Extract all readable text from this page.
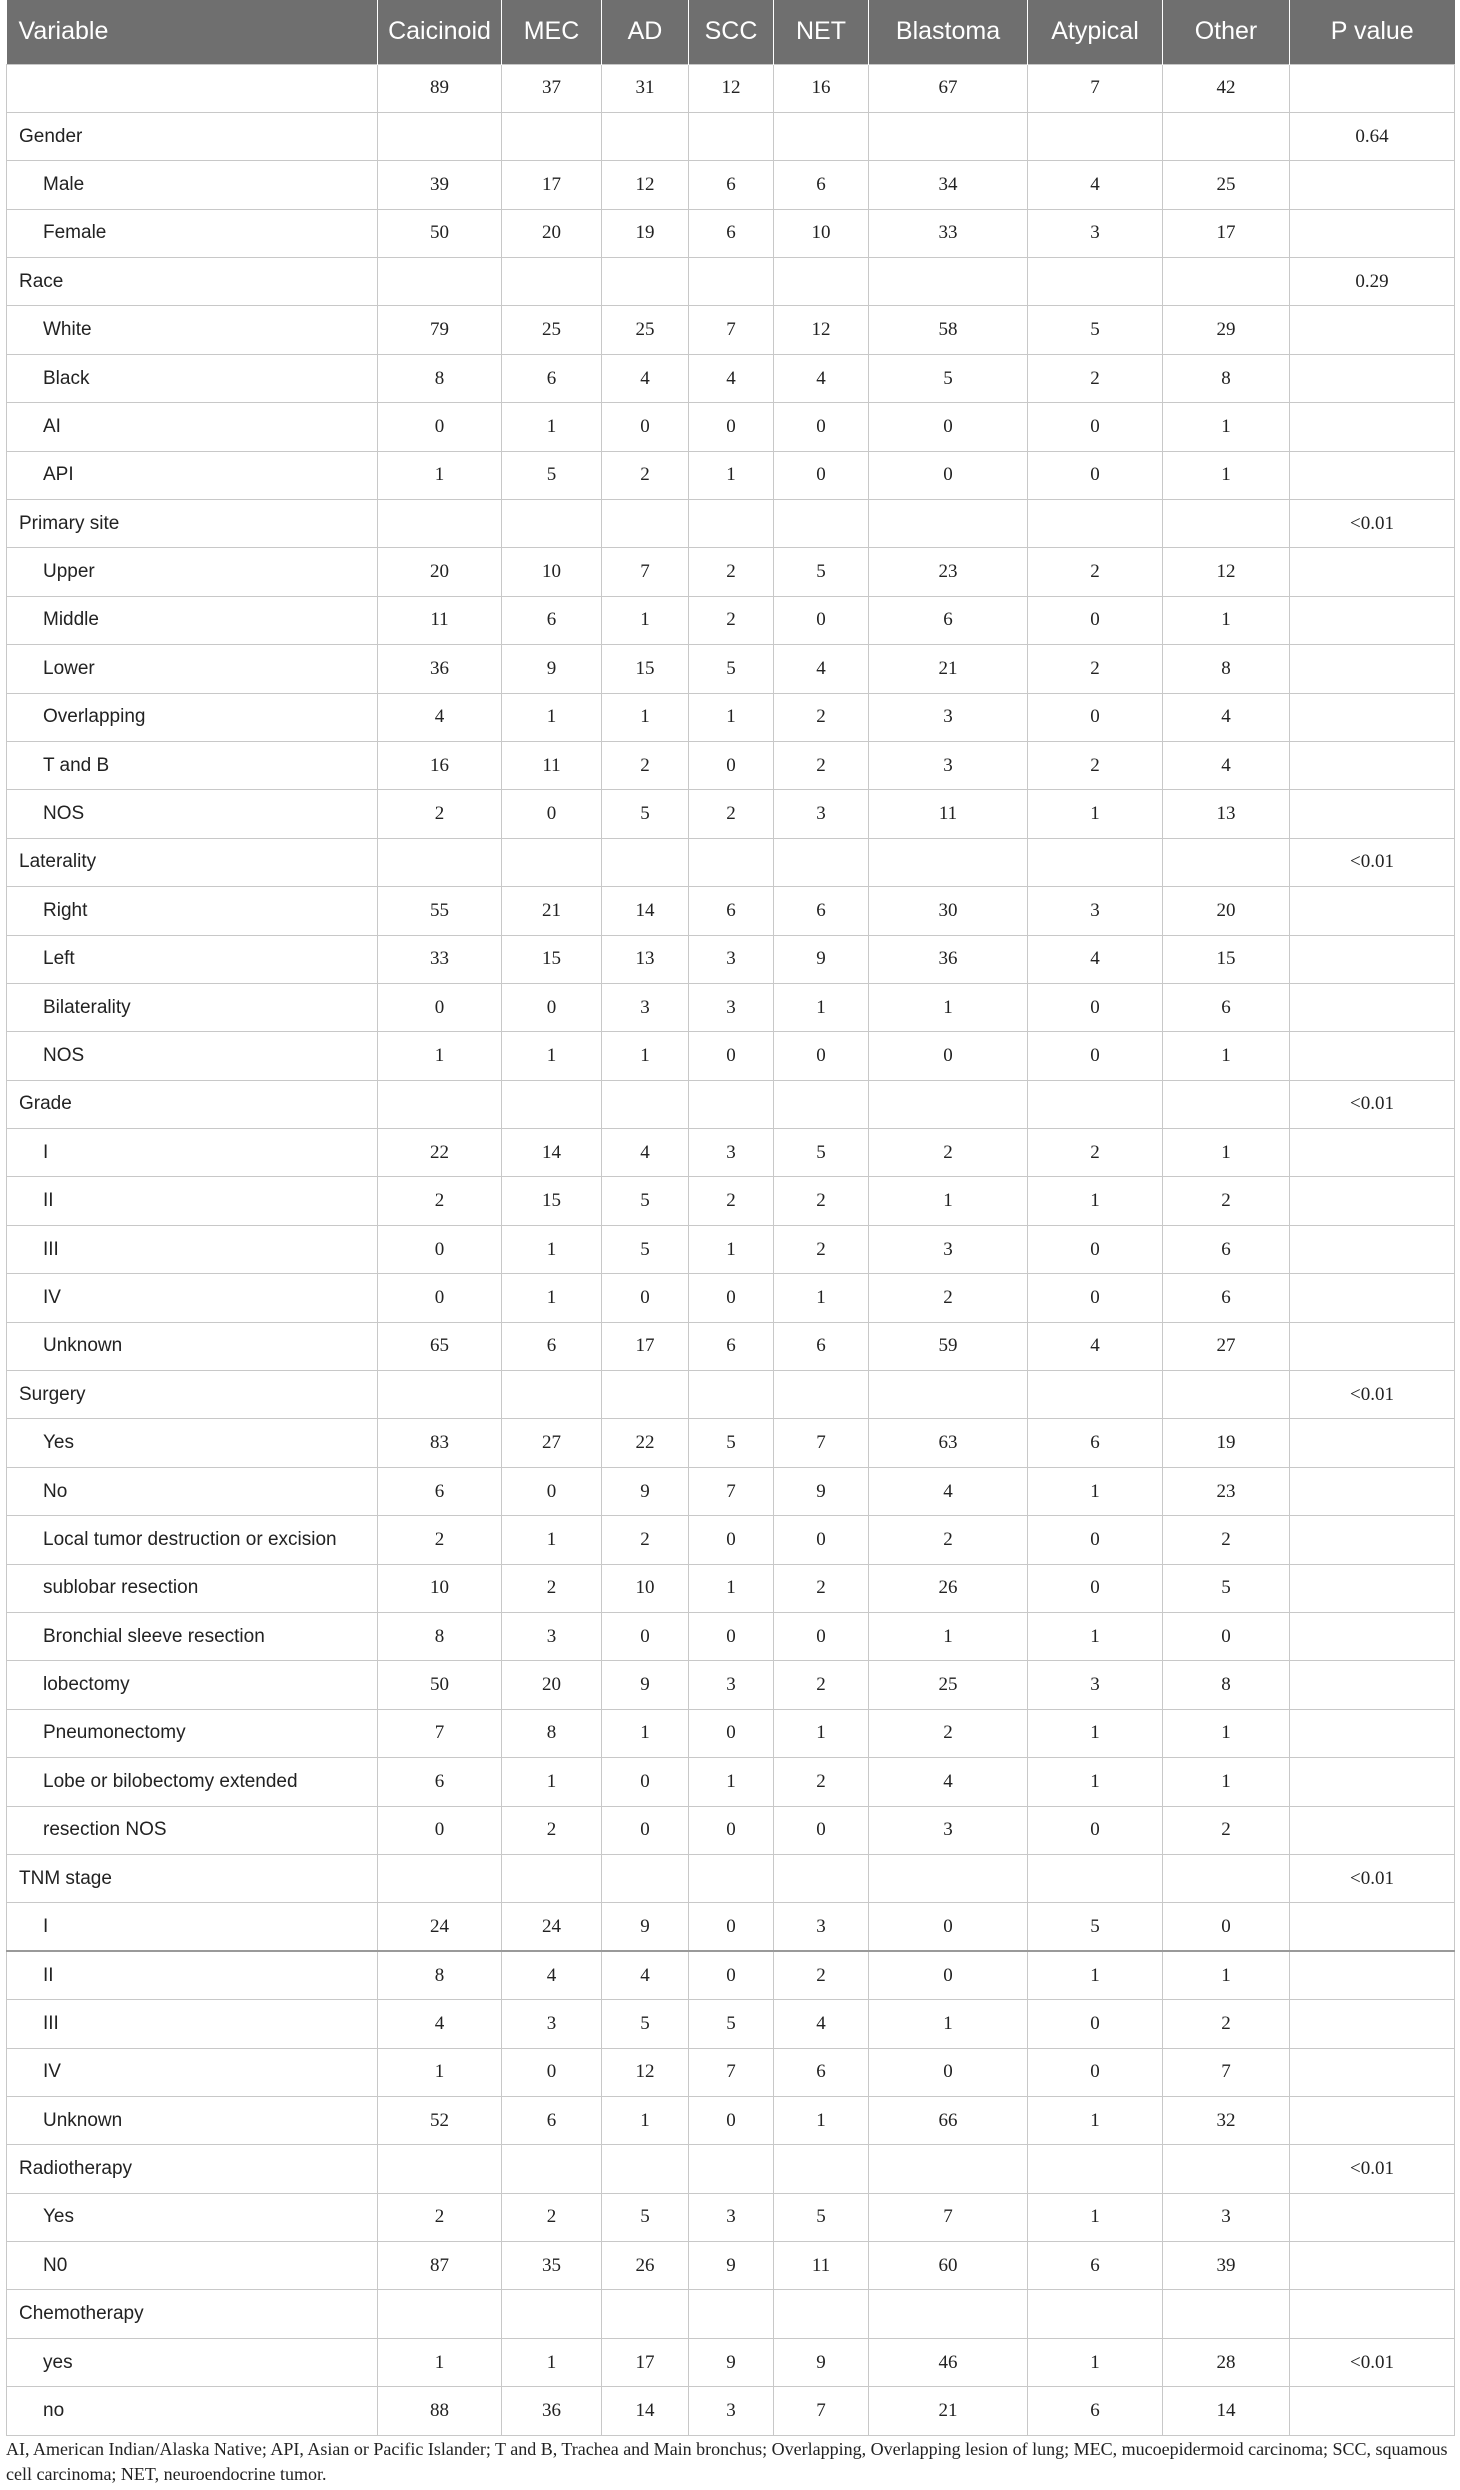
Variable	Caicinoid	MEC	AD	SCC	NET	Blastoma	Atypical	Other	P value
	89	37	31	12	16	67	7	42	
Gender									0.64
Male	39	17	12	6	6	34	4	25	
Female	50	20	19	6	10	33	3	17	
Race									0.29
White	79	25	25	7	12	58	5	29	
Black	8	6	4	4	4	5	2	8	
AI	0	1	0	0	0	0	0	1	
API	1	5	2	1	0	0	0	1	
Primary site									<0.01
Upper	20	10	7	2	5	23	2	12	
Middle	11	6	1	2	0	6	0	1	
Lower	36	9	15	5	4	21	2	8	
Overlapping	4	1	1	1	2	3	0	4	
T and B	16	11	2	0	2	3	2	4	
NOS	2	0	5	2	3	11	1	13	
Laterality									<0.01
Right	55	21	14	6	6	30	3	20	
Left	33	15	13	3	9	36	4	15	
Bilaterality	0	0	3	3	1	1	0	6	
NOS	1	1	1	0	0	0	0	1	
Grade									<0.01
I	22	14	4	3	5	2	2	1	
II	2	15	5	2	2	1	1	2	
III	0	1	5	1	2	3	0	6	
IV	0	1	0	0	1	2	0	6	
Unknown	65	6	17	6	6	59	4	27	
Surgery									<0.01
Yes	83	27	22	5	7	63	6	19	
No	6	0	9	7	9	4	1	23	
Local tumor destruction or excision	2	1	2	0	0	2	0	2	
sublobar resection	10	2	10	1	2	26	0	5	
Bronchial sleeve resection	8	3	0	0	0	1	1	0	
lobectomy	50	20	9	3	2	25	3	8	
Pneumonectomy	7	8	1	0	1	2	1	1	
Lobe or bilobectomy extended	6	1	0	1	2	4	1	1	
resection NOS	0	2	0	0	0	3	0	2	
TNM stage									<0.01
I	24	24	9	0	3	0	5	0	
II	8	4	4	0	2	0	1	1	
III	4	3	5	5	4	1	0	2	
IV	1	0	12	7	6	0	0	7	
Unknown	52	6	1	0	1	66	1	32	
Radiotherapy									<0.01
Yes	2	2	5	3	5	7	1	3	
N0	87	35	26	9	11	60	6	39	
Chemotherapy									
yes	1	1	17	9	9	46	1	28	<0.01
no	88	36	14	3	7	21	6	14	
AI, American Indian/Alaska Native; API, Asian or Pacific Islander; T and B, Trachea and Main bronchus; Overlapping, Overlapping lesion of lung; MEC, mucoepidermoid carcinoma; SCC, squamous cell carcinoma; NET, neuroendocrine tumor.
